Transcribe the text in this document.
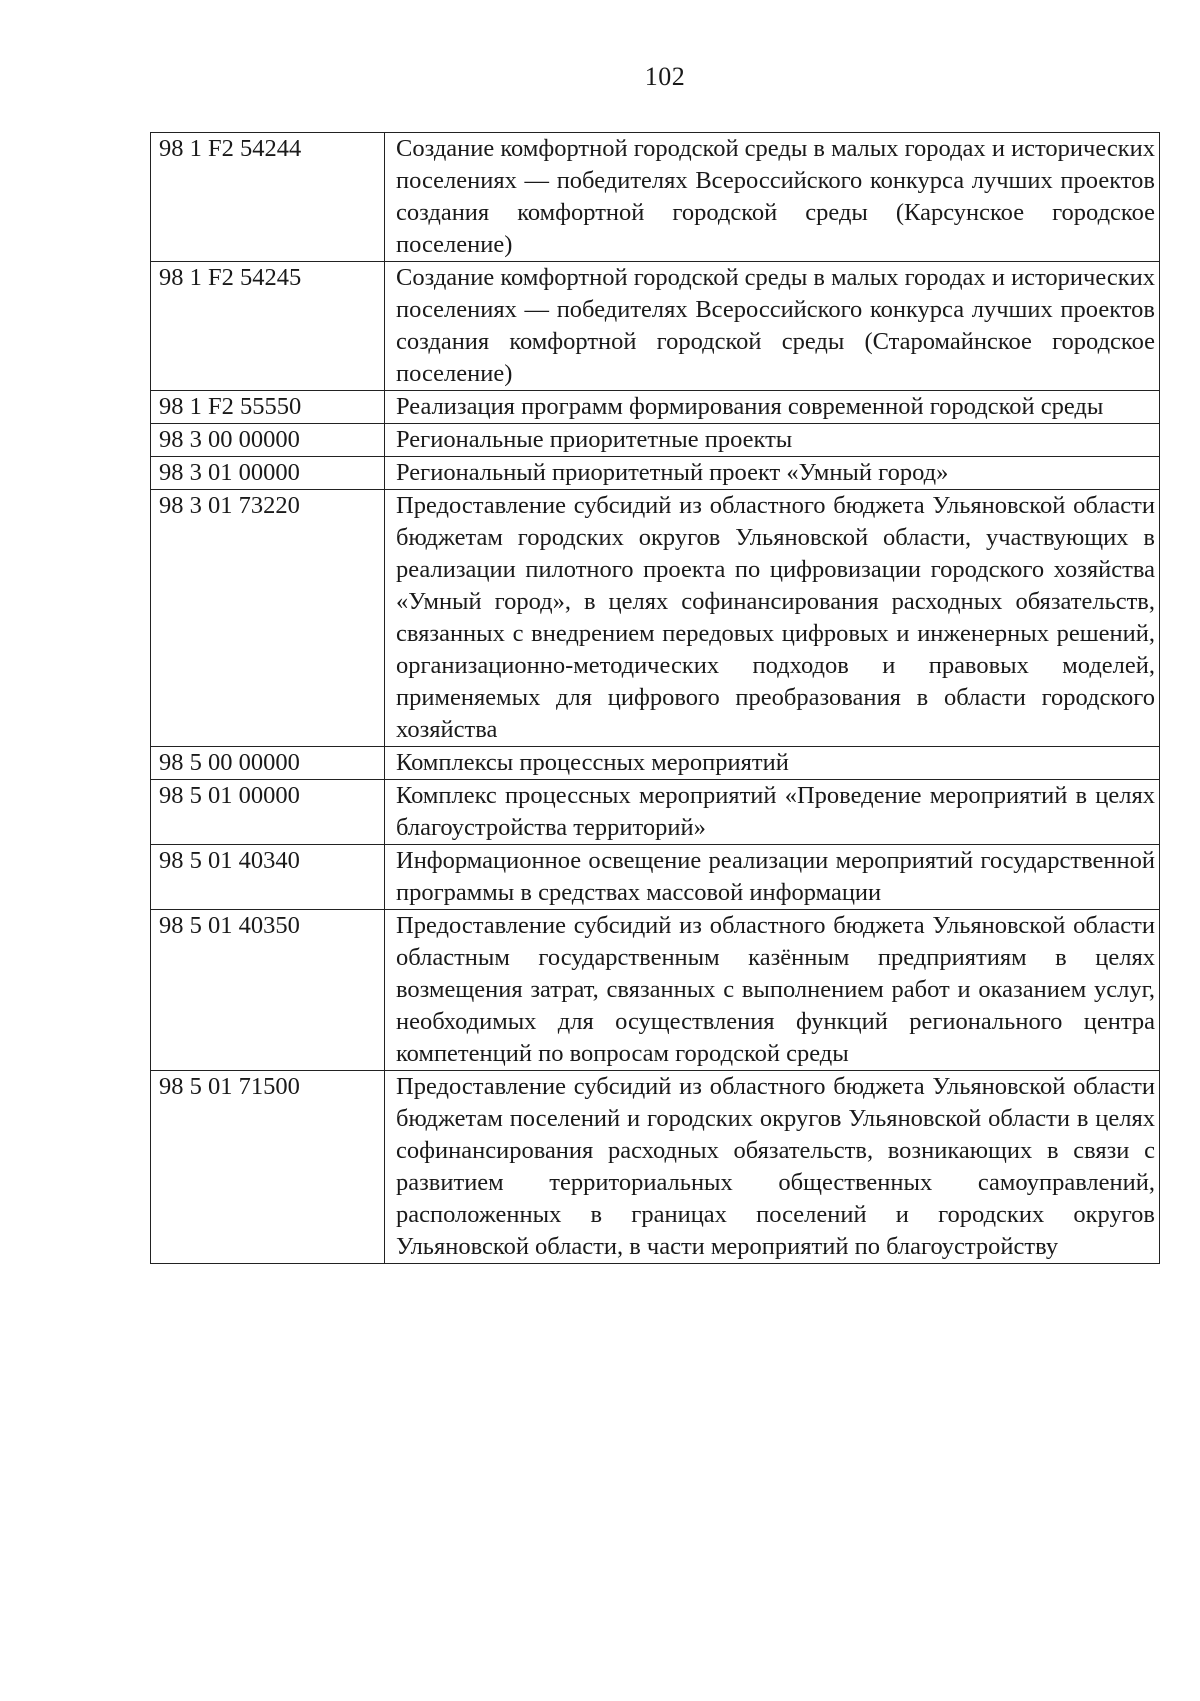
102
98 1 F2 54244	Создание комфортной городской среды в малых городах и исторических поселениях — победителях Всероссийского конкурса лучших проектов создания комфортной городской среды (Карсунское городское поселение)
98 1 F2 54245	Создание комфортной городской среды в малых городах и исторических поселениях — победителях Всероссийского конкурса лучших проектов создания комфортной городской среды (Старомайнское городское поселение)
98 1 F2 55550	Реализация программ формирования современной городской среды
98 3 00 00000	Региональные приоритетные проекты
98 3 01 00000	Региональный приоритетный проект «Умный город»
98 3 01 73220	Предоставление субсидий из областного бюджета Ульяновской области бюджетам городских округов Ульяновской области, участвующих в реализации пилотного проекта по цифровизации городского хозяйства «Умный город», в целях софинансирования расходных обязательств, связанных с внедрением передовых цифровых и инженерных решений, организационно-методических подходов и правовых моделей, применяемых для цифрового преобразования в области городского хозяйства
98 5 00 00000	Комплексы процессных мероприятий
98 5 01 00000	Комплекс процессных мероприятий «Проведение мероприятий в целях благоустройства территорий»
98 5 01 40340	Информационное освещение реализации мероприятий государственной программы в средствах массовой информации
98 5 01 40350	Предоставление субсидий из областного бюджета Ульяновской области областным государственным казённым предприятиям в целях возмещения затрат, связанных с выполнением работ и оказанием услуг, необходимых для осуществления функций регионального центра компетенций по вопросам городской среды
98 5 01 71500	Предоставление субсидий из областного бюджета Ульяновской области бюджетам поселений и городских округов Ульяновской области в целях софинансирования расходных обязательств, возникающих в связи с развитием территориальных общественных самоуправлений, расположенных в границах поселений и городских округов Ульяновской области, в части мероприятий по благоустройству
